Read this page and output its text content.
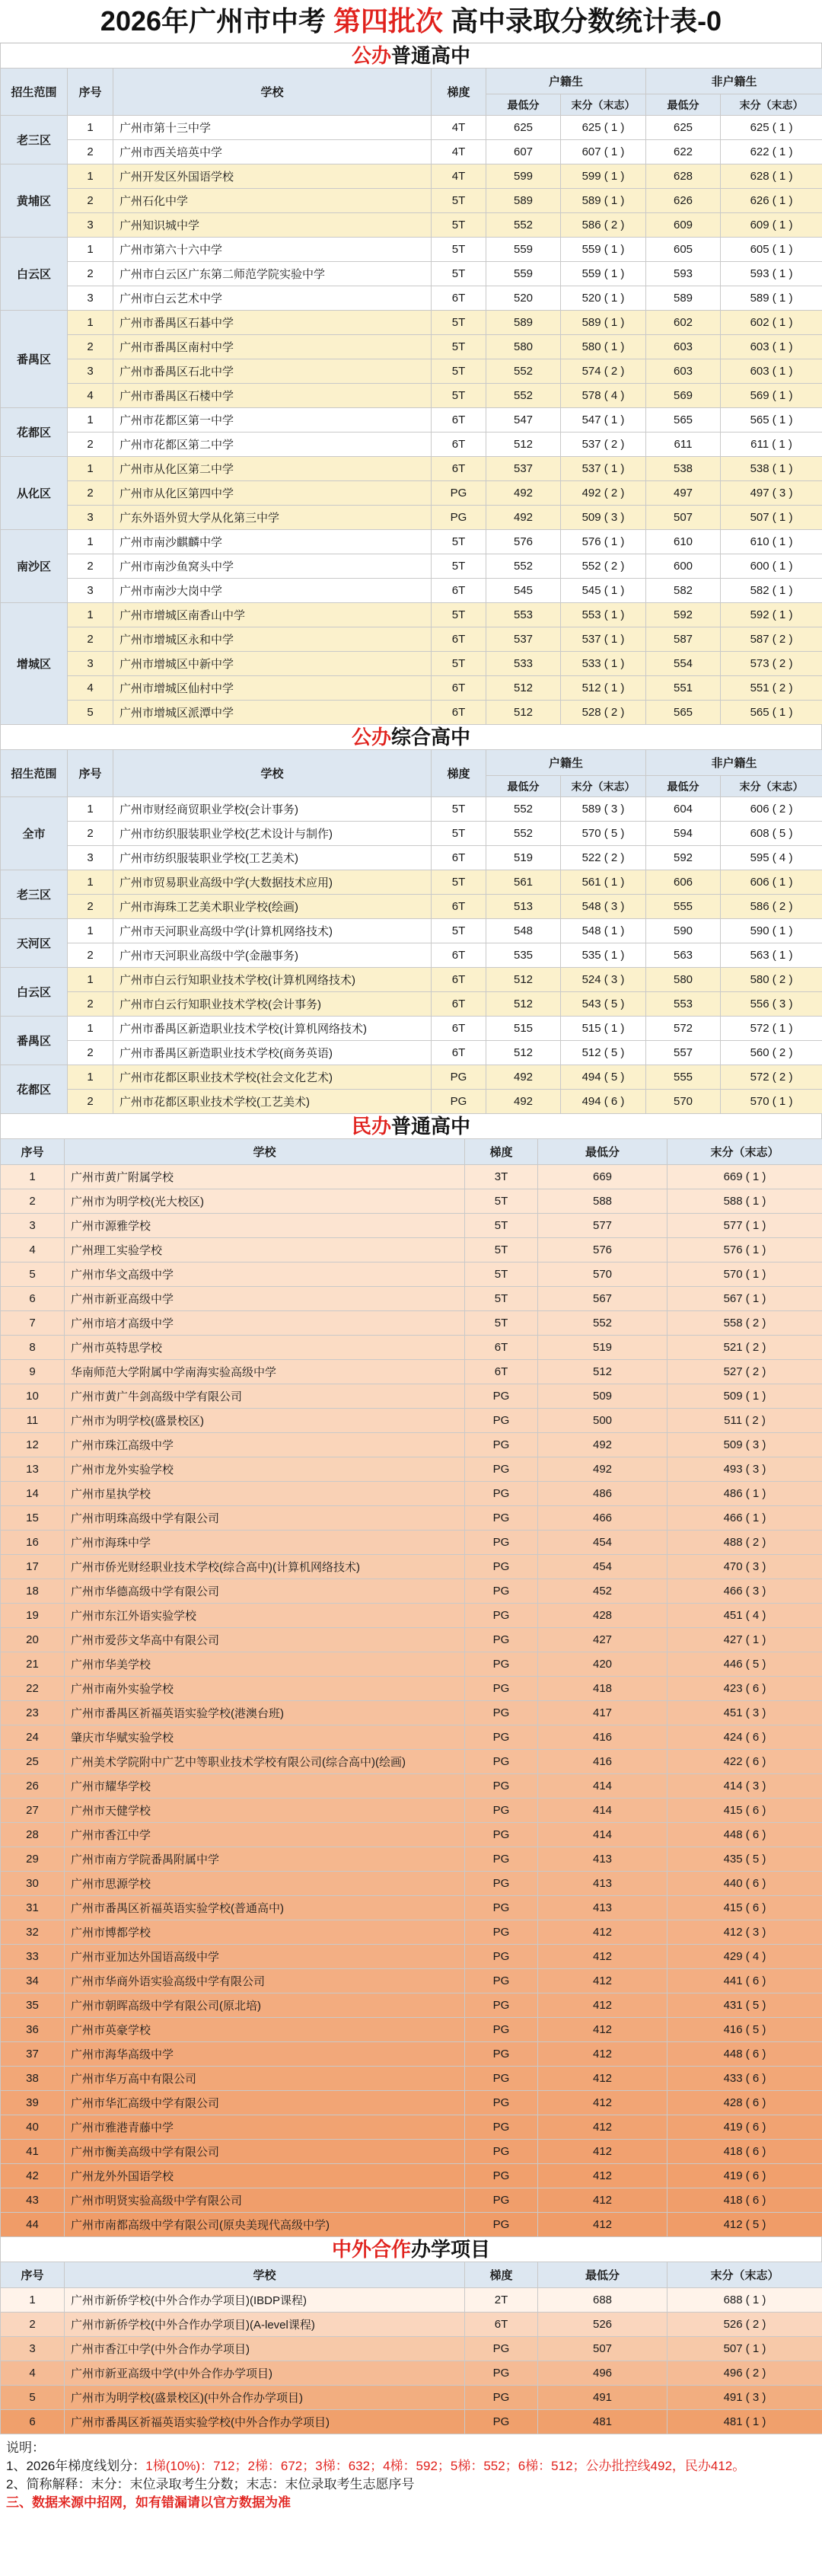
2026年广州市中考 第四批次 高中录取分数统计表-0
公办普通高中
招生范围	序号	学校	梯度	户籍生		非户籍生	
				最低分	末分（末志）	最低分	末分（末志）
老三区	1	广州市第十三中学	4T	625	625 ( 1 )	625	625 ( 1 )
	2	广州市西关培英中学	4T	607	607 ( 1 )	622	622 ( 1 )
黄埔区	1	广州开发区外国语学校	4T	599	599 ( 1 )	628	628 ( 1 )
	2	广州石化中学	5T	589	589 ( 1 )	626	626 ( 1 )
	3	广州知识城中学	5T	552	586 ( 2 )	609	609 ( 1 )
白云区	1	广州市第六十六中学	5T	559	559 ( 1 )	605	605 ( 1 )
	2	广州市白云区广东第二师范学院实验中学	5T	559	559 ( 1 )	593	593 ( 1 )
	3	广州市白云艺术中学	6T	520	520 ( 1 )	589	589 ( 1 )
番禺区	1	广州市番禺区石碁中学	5T	589	589 ( 1 )	602	602 ( 1 )
	2	广州市番禺区南村中学	5T	580	580 ( 1 )	603	603 ( 1 )
	3	广州市番禺区石北中学	5T	552	574 ( 2 )	603	603 ( 1 )
	4	广州市番禺区石楼中学	5T	552	578 ( 4 )	569	569 ( 1 )
花都区	1	广州市花都区第一中学	6T	547	547 ( 1 )	565	565 ( 1 )
	2	广州市花都区第二中学	6T	512	537 ( 2 )	611	611 ( 1 )
从化区	1	广州市从化区第二中学	6T	537	537 ( 1 )	538	538 ( 1 )
	2	广州市从化区第四中学	PG	492	492 ( 2 )	497	497 ( 3 )
	3	广东外语外贸大学从化第三中学	PG	492	509 ( 3 )	507	507 ( 1 )
南沙区	1	广州市南沙麒麟中学	5T	576	576 ( 1 )	610	610 ( 1 )
	2	广州市南沙鱼窝头中学	5T	552	552 ( 2 )	600	600 ( 1 )
	3	广州市南沙大岗中学	6T	545	545 ( 1 )	582	582 ( 1 )
增城区	1	广州市增城区南香山中学	5T	553	553 ( 1 )	592	592 ( 1 )
	2	广州市增城区永和中学	6T	537	537 ( 1 )	587	587 ( 2 )
	3	广州市增城区中新中学	5T	533	533 ( 1 )	554	573 ( 2 )
	4	广州市增城区仙村中学	6T	512	512 ( 1 )	551	551 ( 2 )
	5	广州市增城区派潭中学	6T	512	528 ( 2 )	565	565 ( 1 )
公办综合高中
招生范围	序号	学校	梯度	户籍生		非户籍生	
				最低分	末分（末志）	最低分	末分（末志）
全市	1	广州市财经商贸职业学校(会计事务)	5T	552	589 ( 3 )	604	606 ( 2 )
	2	广州市纺织服装职业学校(艺术设计与制作)	5T	552	570 ( 5 )	594	608 ( 5 )
	3	广州市纺织服装职业学校(工艺美术)	6T	519	522 ( 2 )	592	595 ( 4 )
老三区	1	广州市贸易职业高级中学(大数据技术应用)	5T	561	561 ( 1 )	606	606 ( 1 )
	2	广州市海珠工艺美术职业学校(绘画)	6T	513	548 ( 3 )	555	586 ( 2 )
天河区	1	广州市天河职业高级中学(计算机网络技术)	5T	548	548 ( 1 )	590	590 ( 1 )
	2	广州市天河职业高级中学(金融事务)	6T	535	535 ( 1 )	563	563 ( 1 )
白云区	1	广州市白云行知职业技术学校(计算机网络技术)	6T	512	524 ( 3 )	580	580 ( 2 )
	2	广州市白云行知职业技术学校(会计事务)	6T	512	543 ( 5 )	553	556 ( 3 )
番禺区	1	广州市番禺区新造职业技术学校(计算机网络技术)	6T	515	515 ( 1 )	572	572 ( 1 )
	2	广州市番禺区新造职业技术学校(商务英语)	6T	512	512 ( 5 )	557	560 ( 2 )
花都区	1	广州市花都区职业技术学校(社会文化艺术)	PG	492	494 ( 5 )	555	572 ( 2 )
	2	广州市花都区职业技术学校(工艺美术)	PG	492	494 ( 6 )	570	570 ( 1 )
民办普通高中
序号	学校	梯度	最低分	末分（末志）
1	广州市黄广附属学校	3T	669	669 ( 1 )
2	广州市为明学校(光大校区)	5T	588	588 ( 1 )
3	广州市源雅学校	5T	577	577 ( 1 )
4	广州理工实验学校	5T	576	576 ( 1 )
5	广州市华文高级中学	5T	570	570 ( 1 )
6	广州市新亚高级中学	5T	567	567 ( 1 )
7	广州市培才高级中学	5T	552	558 ( 2 )
8	广州市英特思学校	6T	519	521 ( 2 )
9	华南师范大学附属中学南海实验高级中学	6T	512	527 ( 2 )
10	广州市黄广牛剑高级中学有限公司	PG	509	509 ( 1 )
11	广州市为明学校(盛景校区)	PG	500	511 ( 2 )
12	广州市珠江高级中学	PG	492	509 ( 3 )
13	广州市龙外实验学校	PG	492	493 ( 3 )
14	广州市星执学校	PG	486	486 ( 1 )
15	广州市明珠高级中学有限公司	PG	466	466 ( 1 )
16	广州市海珠中学	PG	454	488 ( 2 )
17	广州市侨光财经职业技术学校(综合高中)(计算机网络技术)	PG	454	470 ( 3 )
18	广州市华德高级中学有限公司	PG	452	466 ( 3 )
19	广州市东江外语实验学校	PG	428	451 ( 4 )
20	广州市爱莎文华高中有限公司	PG	427	427 ( 1 )
21	广州市华美学校	PG	420	446 ( 5 )
22	广州市南外实验学校	PG	418	423 ( 6 )
23	广州市番禺区祈福英语实验学校(港澳台班)	PG	417	451 ( 3 )
24	肇庆市华赋实验学校	PG	416	424 ( 6 )
25	广州美术学院附中广艺中等职业技术学校有限公司(综合高中)(绘画)	PG	416	422 ( 6 )
26	广州市耀华学校	PG	414	414 ( 3 )
27	广州市天健学校	PG	414	415 ( 6 )
28	广州市香江中学	PG	414	448 ( 6 )
29	广州市南方学院番禺附属中学	PG	413	435 ( 5 )
30	广州市思源学校	PG	413	440 ( 6 )
31	广州市番禺区祈福英语实验学校(普通高中)	PG	413	415 ( 6 )
32	广州市博都学校	PG	412	412 ( 3 )
33	广州市亚加达外国语高级中学	PG	412	429 ( 4 )
34	广州市华商外语实验高级中学有限公司	PG	412	441 ( 6 )
35	广州市朝晖高级中学有限公司(原北培)	PG	412	431 ( 5 )
36	广州市英豪学校	PG	412	416 ( 5 )
37	广州市海华高级中学	PG	412	448 ( 6 )
38	广州市华万高中有限公司	PG	412	433 ( 6 )
39	广州市华汇高级中学有限公司	PG	412	428 ( 6 )
40	广州市雅港青藤中学	PG	412	419 ( 6 )
41	广州市衡美高级中学有限公司	PG	412	418 ( 6 )
42	广州龙外外国语学校	PG	412	419 ( 6 )
43	广州市明贤实验高级中学有限公司	PG	412	418 ( 6 )
44	广州市南都高级中学有限公司(原央美现代高级中学)	PG	412	412 ( 5 )
中外合作办学项目
序号	学校	梯度	最低分	末分（末志）
1	广州市新侨学校(中外合作办学项目)(IBDP课程)	2T	688	688 ( 1 )
2	广州市新侨学校(中外合作办学项目)(A-level课程)	6T	526	526 ( 2 )
3	广州市香江中学(中外合作办学项目)	PG	507	507 ( 1 )
4	广州市新亚高级中学(中外合作办学项目)	PG	496	496 ( 2 )
5	广州市为明学校(盛景校区)(中外合作办学项目)	PG	491	491 ( 3 )
6	广州市番禺区祈福英语实验学校(中外合作办学项目)	PG	481	481 ( 1 )
说明：
1、2026年梯度线划分：1梯(10%)：712；2梯：672；3梯：632；4梯：592；5梯：552；6梯：512；公办批控线492，民办412。
2、简称解释：末分：末位录取考生分数；末志：末位录取考生志愿序号
三、数据来源中招网，如有错漏请以官方数据为准
